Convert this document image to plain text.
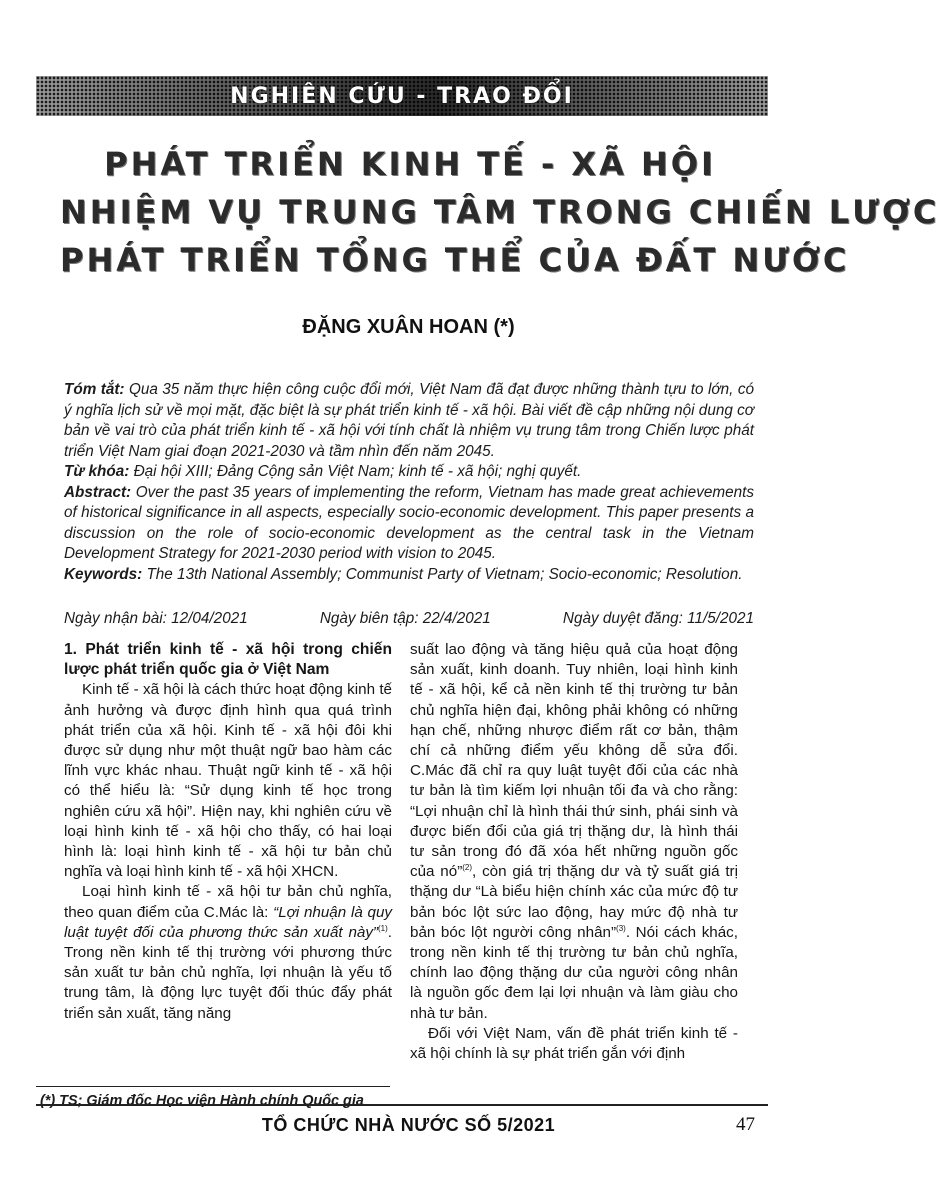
NGHIÊN CỨU - TRAO ĐỔI
PHÁT TRIỂN KINH TẾ - XÃ HỘI
NHIỆM VỤ TRUNG TÂM TRONG CHIẾN LƯỢC
PHÁT TRIỂN TỔNG THỂ CỦA ĐẤT NƯỚC
ĐẶNG XUÂN HOAN (*)

Tóm tắt: Qua 35 năm thực hiện công cuộc đổi mới, Việt Nam đã đạt được những thành tựu to lớn, có ý nghĩa lịch sử về mọi mặt, đặc biệt là sự phát triển kinh tế - xã hội. Bài viết đề cập những nội dung cơ bản về vai trò của phát triển kinh tế - xã hội với tính chất là nhiệm vụ trung tâm trong Chiến lược phát triển Việt Nam giai đoạn 2021-2030 và tầm nhìn đến năm 2045.

Từ khóa: Đại hội XIII; Đảng Cộng sản Việt Nam; kinh tế - xã hội; nghị quyết.

Abstract: Over the past 35 years of implementing the reform, Vietnam has made great achievements of historical significance in all aspects, especially socio-economic development. This paper presents a discussion on the role of socio-economic development as the central task in the Vietnam Development Strategy for 2021-2030 period with vision to 2045.

Keywords: The 13th National Assembly; Communist Party of Vietnam; Socio-economic; Resolution.

Ngày nhận bài: 12/04/2021	Ngày biên tập: 22/4/2021	Ngày duyệt đăng: 11/5/2021

1. Phát triển kinh tế - xã hội trong chiến lược phát triển quốc gia ở Việt Nam

Kinh tế - xã hội là cách thức hoạt động kinh tế ảnh hưởng và được định hình qua quá trình phát triển của xã hội. Kinh tế - xã hội đôi khi được sử dụng như một thuật ngữ bao hàm các lĩnh vực khác nhau. Thuật ngữ kinh tế - xã hội có thể hiểu là: “Sử dụng kinh tế học trong nghiên cứu xã hội”. Hiện nay, khi nghiên cứu về loại hình kinh tế - xã hội cho thấy, có hai loại hình là: loại hình kinh tế - xã hội tư bản chủ nghĩa và loại hình kinh tế - xã hội XHCN.

Loại hình kinh tế - xã hội tư bản chủ nghĩa, theo quan điểm của C.Mác là: “Lợi nhuận là quy luật tuyệt đối của phương thức sản xuất này”$^{(1)}$. Trong nền kinh tế thị trường với phương thức sản xuất tư bản chủ nghĩa, lợi nhuận là yếu tố trung tâm, là động lực tuyệt đối thúc đẩy phát triển sản xuất, tăng năng

suất lao động và tăng hiệu quả của hoạt động sản xuất, kinh doanh. Tuy nhiên, loại hình kinh tế - xã hội, kể cả nền kinh tế thị trường tư bản chủ nghĩa hiện đại, không phải không có những hạn chế, những nhược điểm rất cơ bản, thậm chí cả những điểm yếu không dễ sửa đổi. C.Mác đã chỉ ra quy luật tuyệt đối của các nhà tư bản là tìm kiếm lợi nhuận tối đa và cho rằng: “Lợi nhuận chỉ là hình thái thứ sinh, phái sinh và được biến đổi của giá trị thặng dư, là hình thái tư sản trong đó đã xóa hết những nguồn gốc của nó”$^{(2)}$, còn giá trị thặng dư và tỷ suất giá trị thặng dư “Là biểu hiện chính xác của mức độ tư bản bóc lột sức lao động, hay mức độ nhà tư bản bóc lột người công nhân”$^{(3)}$. Nói cách khác, trong nền kinh tế thị trường tư bản chủ nghĩa, chính lao động thặng dư của người công nhân là nguồn gốc đem lại lợi nhuận và làm giàu cho nhà tư bản.

Đối với Việt Nam, vấn đề phát triển kinh tế - xã hội chính là sự phát triển gắn với định

(*) TS; Giám đốc Học viện Hành chính Quốc gia
TỔ CHỨC NHÀ NƯỚC SỐ 5/2021	47
